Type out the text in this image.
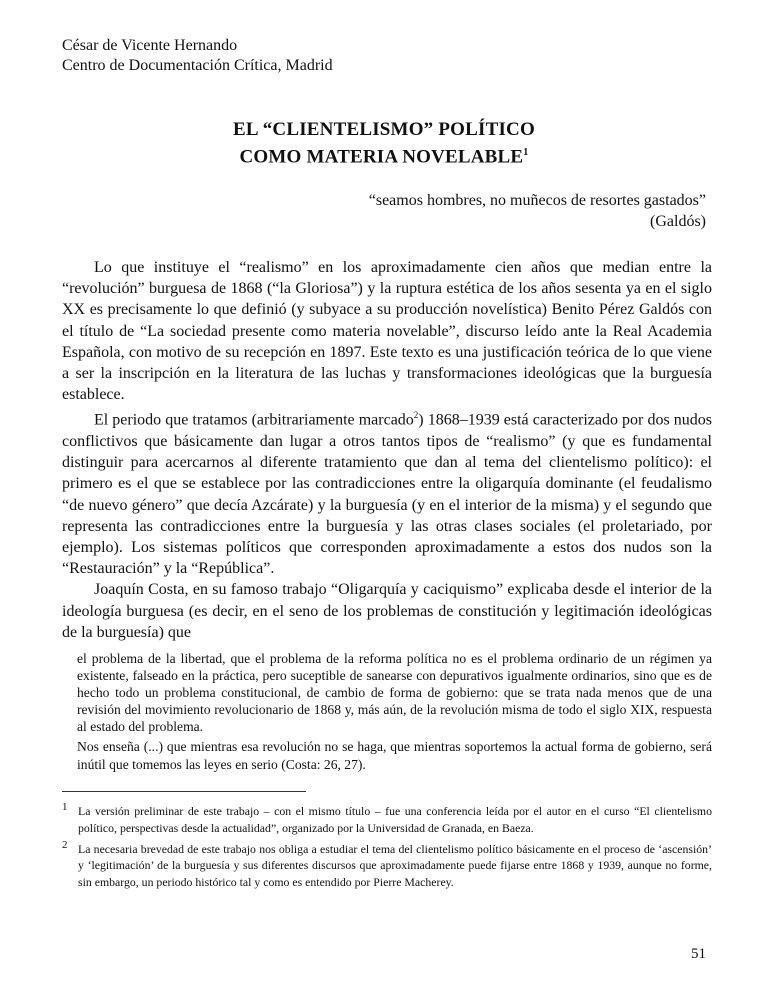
César de Vicente Hernando
Centro de Documentación Crítica, Madrid
EL “CLIENTELISMO” POLÍTICO
COMO MATERIA NOVELABLE$^1$
“seamos hombres, no muñecos de resortes gastados”
(Galdós)

Lo que instituye el “realismo” en los aproximadamente cien años que median entre la “revolución” burguesa de 1868 (“la Gloriosa”) y la ruptura estética de los años sesenta ya en el siglo XX es precisamente lo que definió (y subyace a su producción novelística) Benito Pérez Galdós con el título de “La sociedad presente como materia novelable”, discurso leído ante la Real Academia Española, con motivo de su recepción en 1897. Este texto es una justificación teórica de lo que viene a ser la inscripción en la literatura de las luchas y transformaciones ideológicas que la burguesía establece.

El periodo que tratamos (arbitrariamente marcado$^2$) 1868–1939 está caracterizado por dos nudos conflictivos que básicamente dan lugar a otros tantos tipos de “realismo” (y que es fundamental distinguir para acercarnos al diferente tratamiento que dan al tema del clientelismo político): el primero es el que se establece por las contradicciones entre la oligarquía dominante (el feudalismo “de nuevo género” que decía Azcárate) y la burguesía (y en el interior de la misma) y el segundo que representa las contradicciones entre la burguesía y las otras clases sociales (el proletariado, por ejemplo). Los sistemas políticos que corresponden aproximadamente a estos dos nudos son la “Restauración” y la “República”.

Joaquín Costa, en su famoso trabajo “Oligarquía y caciquismo” explicaba desde el interior de la ideología burguesa (es decir, en el seno de los problemas de constitución y legitimación ideológicas de la burguesía) que

el problema de la libertad, que el problema de la reforma política no es el problema ordinario de un régimen ya existente, falseado en la práctica, pero suceptible de sanearse con depurativos igualmente ordinarios, sino que es de hecho todo un problema constitucional, de cambio de forma de gobierno: que se trata nada menos que de una revisión del movimiento revolucionario de 1868 y, más aún, de la revolución misma de todo el siglo XIX, respuesta al estado del problema.

Nos enseña (...) que mientras esa revolución no se haga, que mientras soportemos la actual forma de gobierno, será inútil que tomemos las leyes en serio (Costa: 26, 27).

1 La versión preliminar de este trabajo – con el mismo título – fue una conferencia leída por el autor en el curso “El clientelismo político, perspectivas desde la actualidad”, organizado por la Universidad de Granada, en Baeza.
2 La necesaria brevedad de este trabajo nos obliga a estudiar el tema del clientelismo político básicamente en el proceso de ‘ascensión’ y ‘legitimación’ de la burguesía y sus diferentes discursos que aproximadamente puede fijarse entre 1868 y 1939, aunque no forme, sin embargo, un periodo histórico tal y como es entendido por Pierre Macherey.
51
